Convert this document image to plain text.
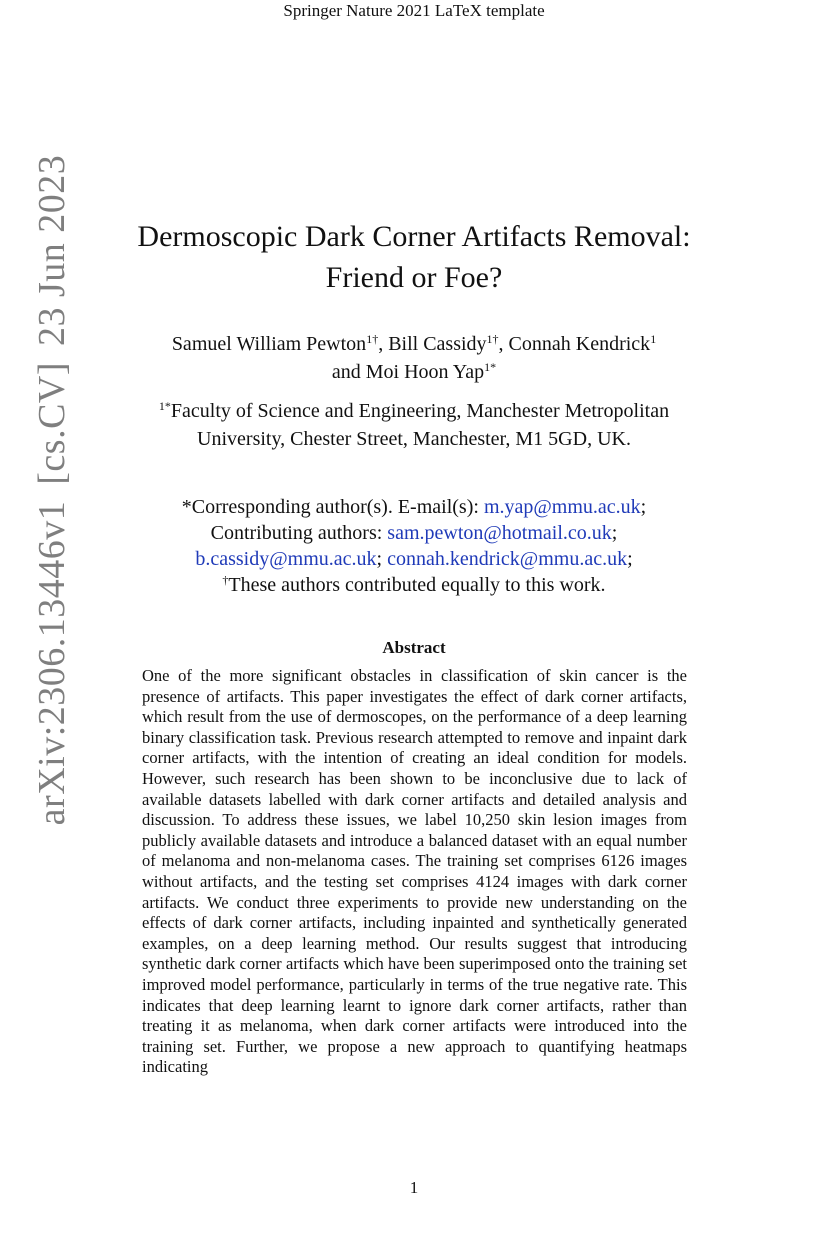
Springer Nature 2021 LaTeX template
arXiv:2306.13446v1[cs.CV]23 Jun 2023	Dermoscopic Dark Corner Artifacts Removal:
Friend or Foe?
Samuel William Pewton$^{1\dagger}$, Bill Cassidy$^{1\dagger}$, Connah Kendrick$^1$
and Moi Hoon Yap$^{1*}$
$^{1*}$Faculty of Science and Engineering, Manchester Metropolitan
University, Chester Street, Manchester, M1 5GD, UK.
*Corresponding author(s). E-mail(s): m.yap@mmu.ac.uk;
Contributing authors: sam.pewton@hotmail.co.uk;
b.cassidy@mmu.ac.uk; connah.kendrick@mmu.ac.uk;
†These authors contributed equally to this work.
Abstract
One of the more significant obstacles in classification of skin cancer is the presence of artifacts. This paper investigates the effect of dark corner artifacts, which result from the use of dermoscopes, on the performance of a deep learning binary classification task. Previous research attempted to remove and inpaint dark corner artifacts, with the intention of creating an ideal condition for models. However, such research has been shown to be inconclusive due to lack of available datasets labelled with dark corner artifacts and detailed analysis and discussion. To address these issues, we label 10,250 skin lesion images from publicly available datasets and introduce a balanced dataset with an equal number of melanoma and non-melanoma cases. The training set comprises 6126 images without artifacts, and the testing set comprises 4124 images with dark corner artifacts. We conduct three experiments to provide new understanding on the effects of dark corner artifacts, including inpainted and synthetically generated examples, on a deep learning method. Our results suggest that introducing synthetic dark corner artifacts which have been superimposed onto the training set improved model performance, particularly in terms of the true negative rate. This indicates that deep learning learnt to ignore dark corner artifacts, rather than treating it as melanoma, when dark corner artifacts were introduced into the training set. Further, we propose a new approach to quantifying heatmaps indicating
1
